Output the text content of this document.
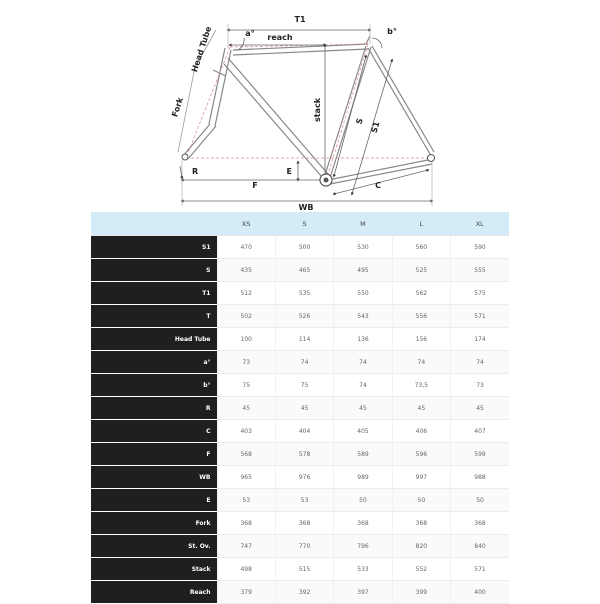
T1
reach
a°	b°
Head Tube
Fork	stack	S S1
E
R
F	C
WB
	XS	S	M	L	XL
S1	470	500	530	560	590
S	435	465	495	525	555
T1	512	535	550	562	575
T	502	526	543	556	571
Head Tube	100	114	136	156	174
a°	73	74	74	74	74
b°	75	75	74	73,5	73
R	45	45	45	45	45
C	403	404	405	406	407
F	568	578	589	596	599
WB	965	976	989	997	988
E	53	53	50	50	50
Fork	368	368	368	368	368
St. Ov.	747	770	796	820	840
Stack	498	515	533	552	571
Reach	379	392	397	399	400
